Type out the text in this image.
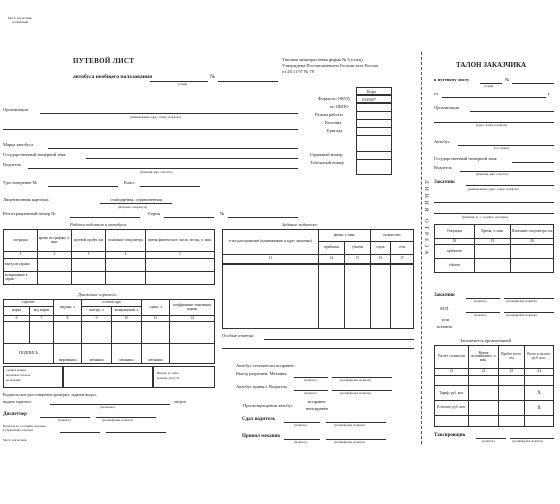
Место для штампа
организации
ПУТЕВОЙ ЛИСТ
автобуса необщего пользования
(серия)
№
Типовая межотраслевая форма № 6 (спец)
Утверждена Постановлением Госкомстата России
от 28.11.97 № 78
Коды
0345007
Форма по ОКУД
по ОКПО
Режим работы
Колонна
Бригада
Гаражный номер
Табельный номер
Организация
(наименование, адрес, номер телефона)
Марка автобуса
Государственный номерной знак
Водитель
(фамилия, имя, отчество)
Удостоверение №	Класс
Лицензионная карточка	стандартная, ограниченная
(ненужное зачеркнуть)
Регистрационный номер №	Серия	№
Работа водителя и автобуса
операция	время по графику, ч. мин.	нулевой пробег, км	показание спидометра	время фактическое, число, месяц, ч. мин.
1	2	3	4	5
выезд из гаража				
возвращение в гараж				
Движение горючего
горючее		выдано, л	остаток при		сдано, л	коэффициент изменения нормы
марка	код марки		выезде, л	возвращении, л		
6	7	8	9	10	11	12

ПОДПИСЬ		заправщика	механика	механика	механика	
Серия и номера
выданных талонов
на заправку
Выдано по запра-
вочному листу №
Водительское удостоверение проверил, задание выдал,
выдать горючего	литров
(прописью)
Диспетчер
(подпись)	(расшифровка подписи)
Водитель по состоянию здоровья
к управлению допущен
Место для штампа
Задание водителю
в чье распоряжение (наименование и адрес заказчика)	время, ч. мин.		количество	
	прибытия	убытия	ездок	стоп
13	14	15	16	17
Особые отметки
Автобус технически исправен.
Выезд разрешен. Механик
(подпись)	(расшифровка подписи)
Автобус принял. Водитель
(подпись)	(расшифровка подписи)
При возвращении автобус
исправен
неисправен
Сдал водитель
(подпись)	(расшифровка подписи)
Принял механик
(подпись)	(расшифровка подписи)
ЛИНИЯ ОТРЕЗА
ТАЛОН ЗАКАЗЧИКА
к путевому листу
(серия)
№
от	г.
Организация
(адрес, номер телефона)
Автобус
(гос. марка)
Государственный номерной знак
Водитель
(фамилия, имя, отчество)
Заказчик
(наименование, адрес, номер телефона)
(фамилия, и., о., подпись заказчика)
Операция	Время, ч. мин.	Показание спидометра, км
18	19	20
прибытие		
убытие		
Заказчик
(подпись)	(расшифровка подписи)
М.П.
(подпись)	(расшифровка подписи)
или
штампа
Заполняется организацией
Расчет стоимости	Время оплачиваемое, ч. мин.	Пробег всего, км	Всего к оплате, руб. коп.
21	22	23	24

Тариф, руб. коп.			X
К оплате, руб. коп.			X

Таксировщик
(подпись)	(расшифровка подписи)
